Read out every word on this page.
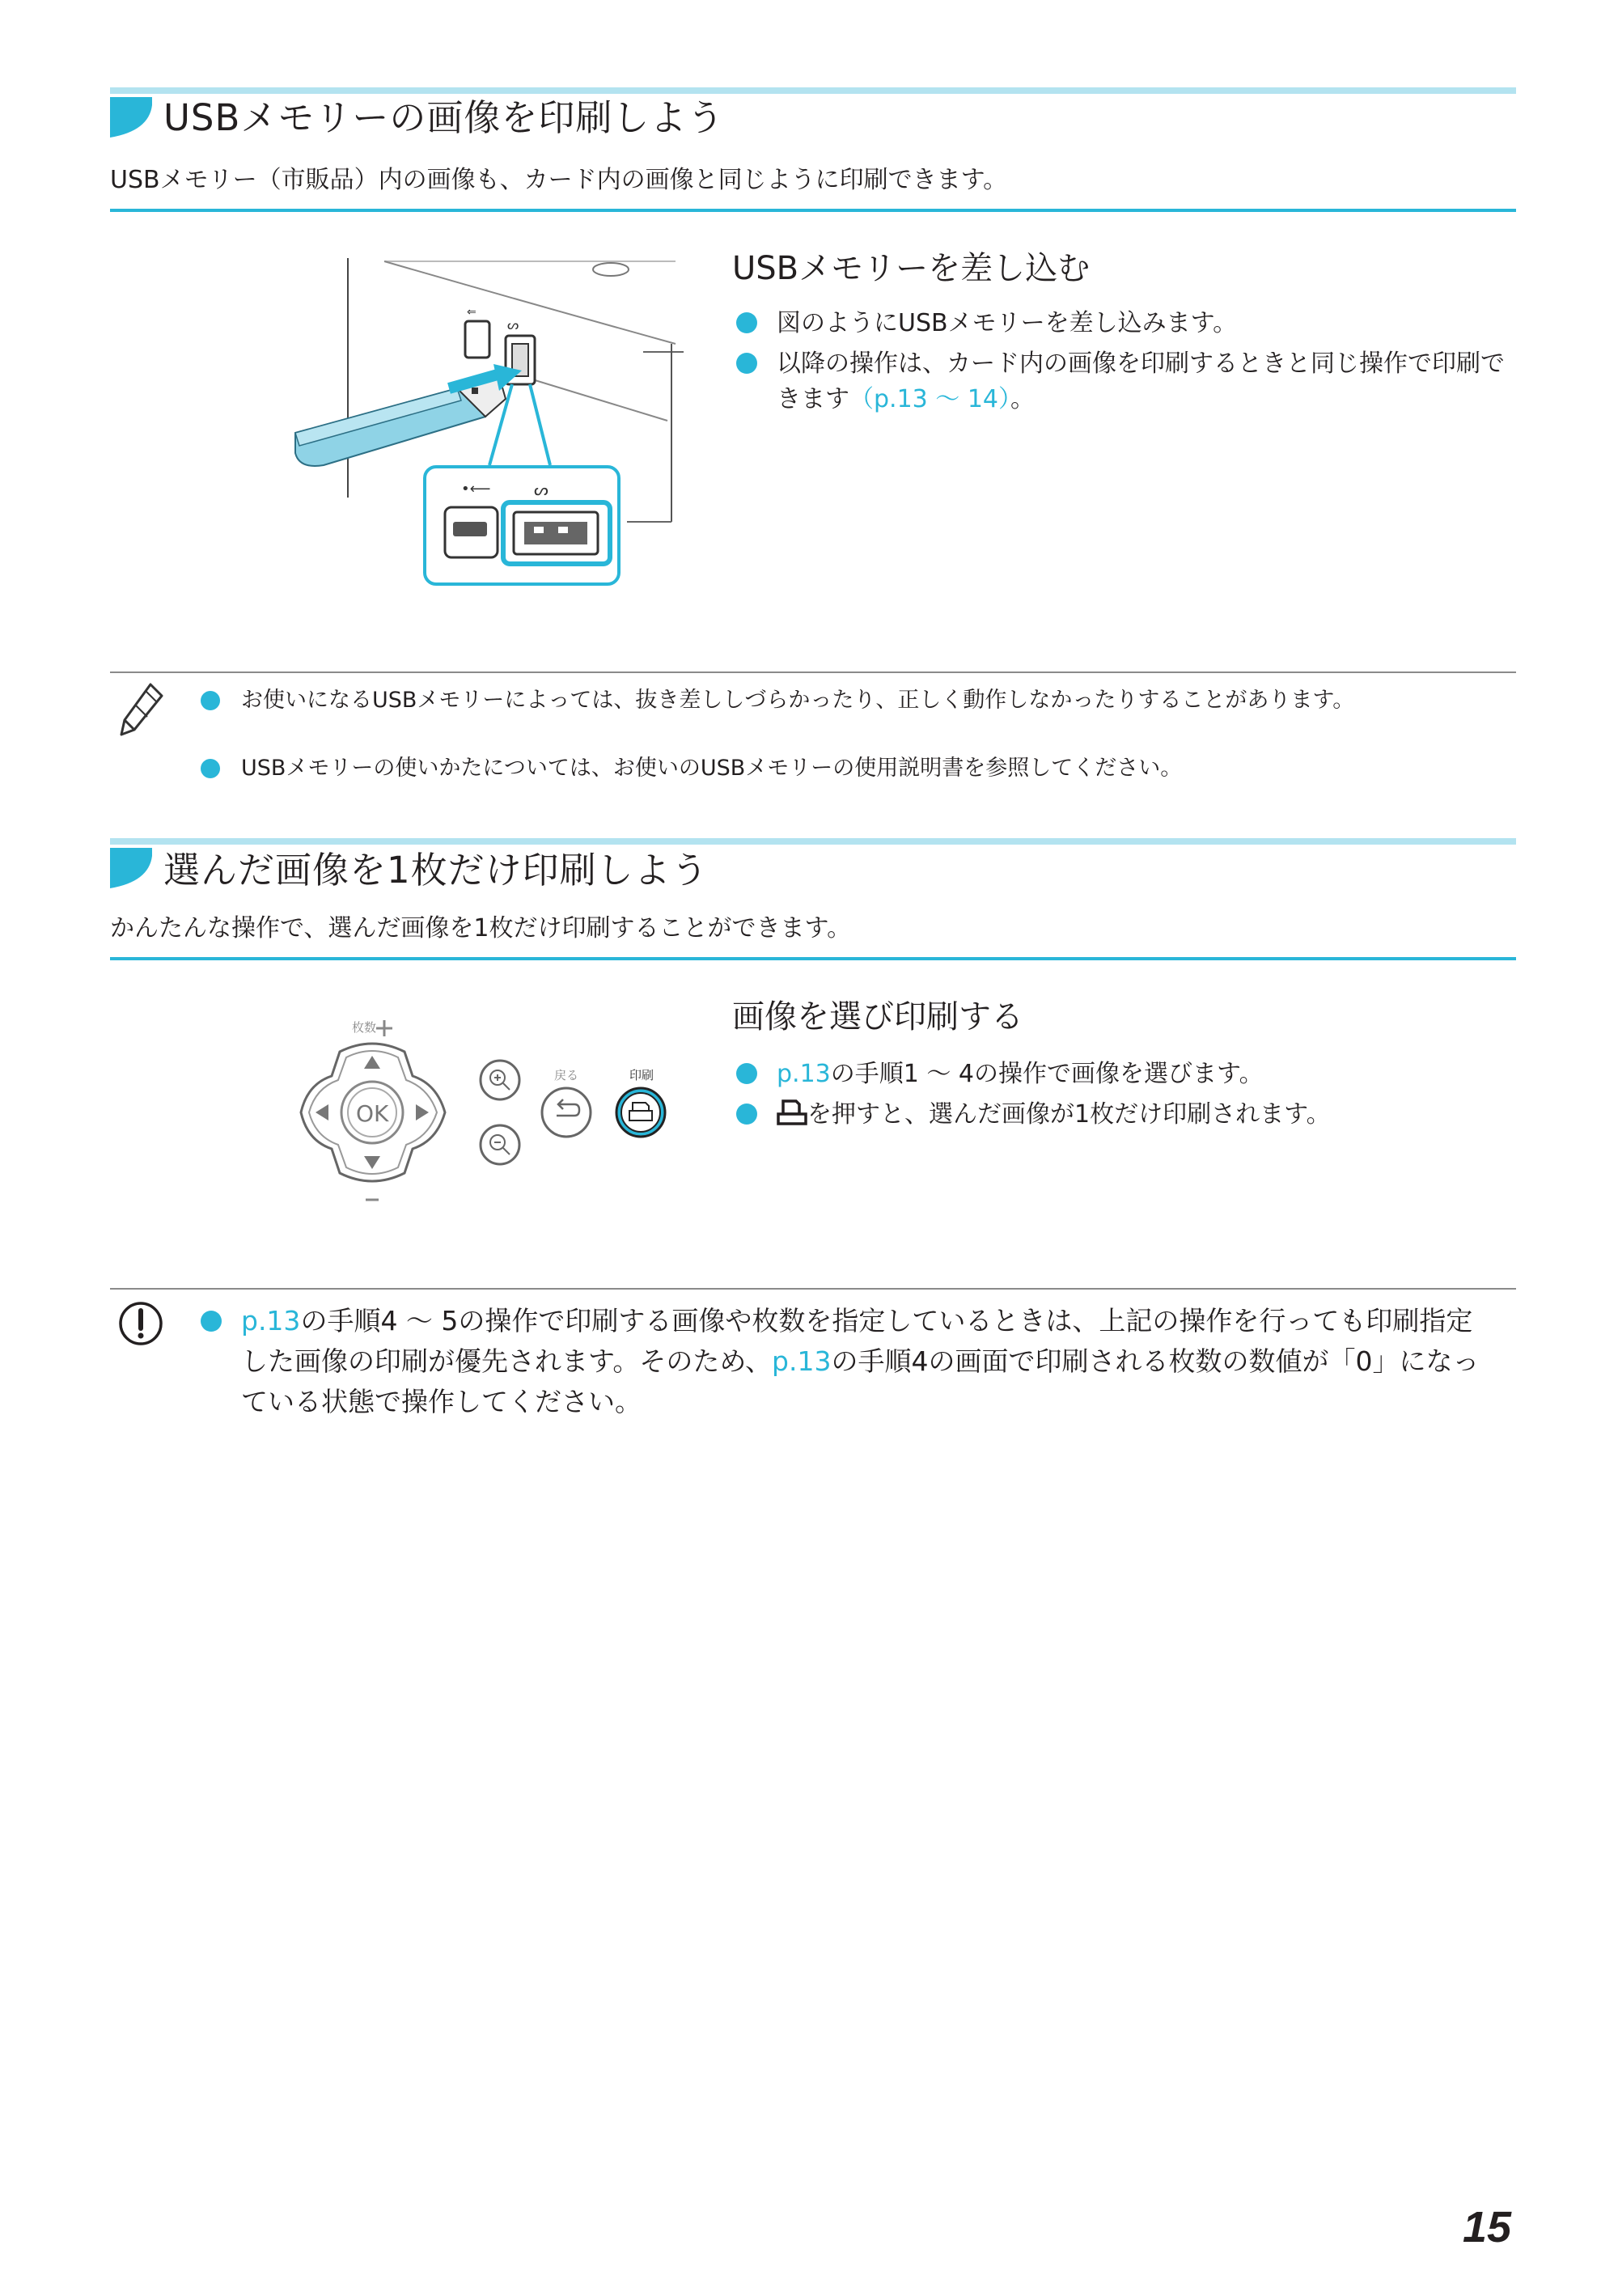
USBメモリーの画像を印刷しよう
USBメモリー（市販品）内の画像も、カード内の画像と同じように印刷できます。
⇐
ᔕ
•⟵	ᔕ
USBメモリーを差し込む
図のようにUSBメモリーを差し込みます。
以降の操作は、カード内の画像を印刷するときと同じ操作で印刷できます（p.13 ～ 14）。
お使いになるUSBメモリーによっては、抜き差ししづらかったり、正しく動作しなかったりすることがあります。
USBメモリーの使いかたについては、お使いのUSBメモリーの使用説明書を参照してください。
選んだ画像を1枚だけ印刷しよう
かんたんな操作で、選んだ画像を1枚だけ印刷することができます。
枚数
OK
戻る	印刷
画像を選び印刷する
p.13の手順1 ～ 4の操作で画像を選びます。
を押すと、選んだ画像が1枚だけ印刷されます。
p.13の手順4 ～ 5の操作で印刷する画像や枚数を指定しているときは、上記の操作を行っても印刷指定した画像の印刷が優先されます。そのため、p.13の手順4の画面で印刷される枚数の数値が「0」になっている状態で操作してください。
15
